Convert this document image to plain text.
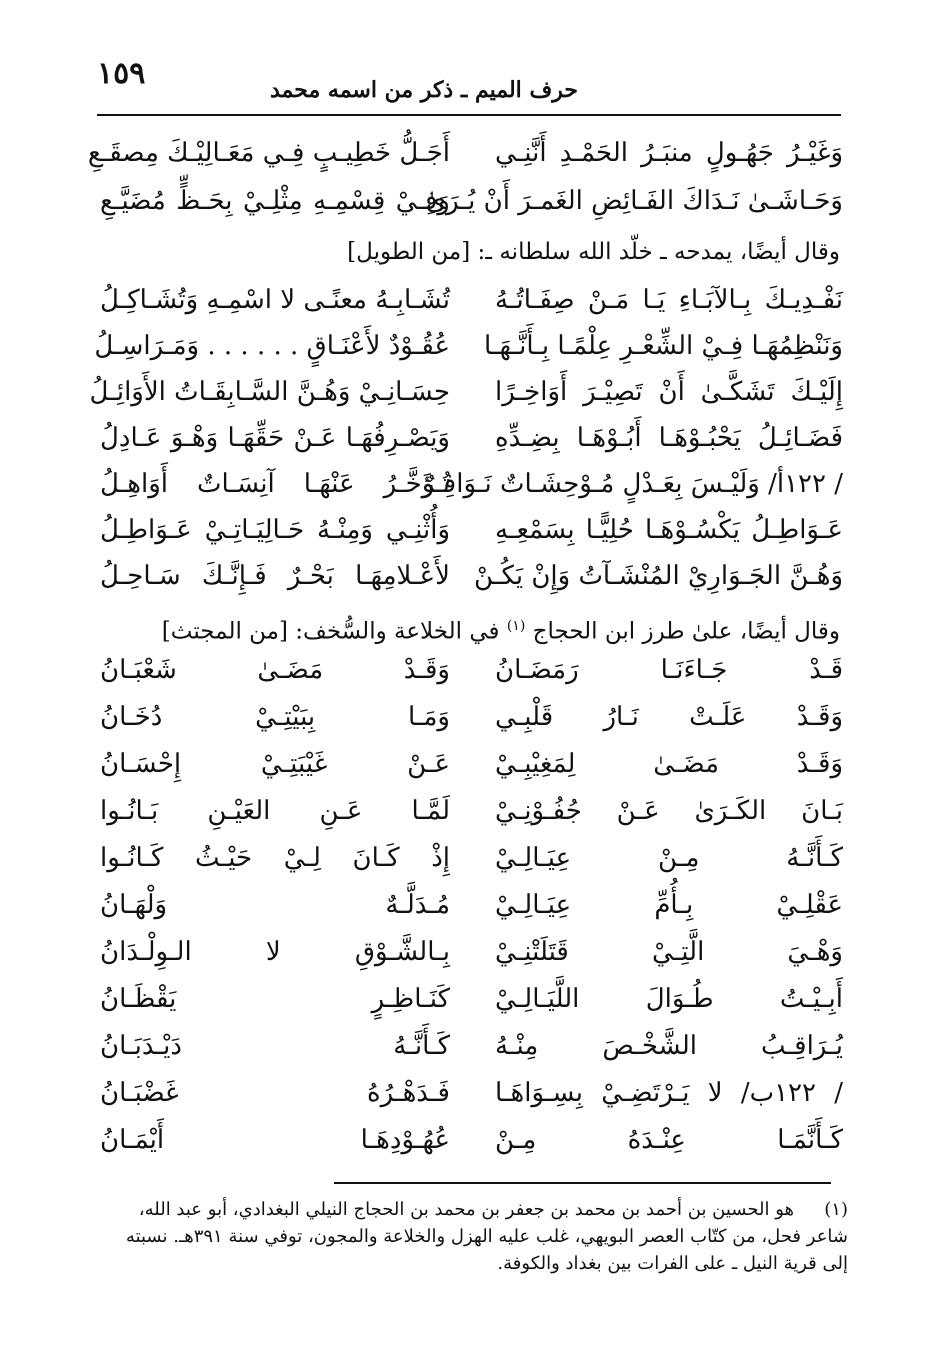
١٥٩	حرف الميم ـ ذكر من اسمه محمد
وَغَيْـرُ جَهُـولٍ منبَـرُ الحَمْـدِ أَنَّنِـي
أَجَـلُّ خَطِيـبٍ فِـي مَعَـالِيْـكَ مِصقَـعِ
وَحَـاشَـىٰ نَـدَاكَ الفَـائِضِ الغَمـرَ أَنْ يُـرَىٰ
وَفِـيْ قِسْمِـهِ مِثْلِـيْ بِحَـظٍّ مُضَيَّـعِ
وقال أيضًا، يمدحه ـ خلّد الله سلطانه ـ: [من الطويل]
نَفْـدِيـكَ بِـالآبَـاءِ يَـا مَـنْ صِفَـاتُـهُ
تُشَـابِـهُ معنًـى لا اسْمِـهِ وَتُشَـاكِـلُ
وَنَنْظِمُهَـا فِـيْ الشِّعْـرِ عِلْمًـا بِـأَنَّـهَـا
عُقُـوْدٌ لأَعْنَـاقٍ . . . . . . وَمَـرَاسِـلُ
إِلَيْـكَ تَشَكَّـىٰ أَنْ تَصِيْـرَ أَوَاخِـرًا
حِسَـانِـيْ وَهُـنَّ السَّـابِقَـاتُ الأَوَائِـلُ
فَضَـائِـلُ يَحْبُـوْهَـا أَبُـوْهَـا بِضِـدِّهِ
وَيَصْـرِفُهَـا عَـنْ حَقِّهَـا وَهْـوَ عَـادِلُ
/ ١٢٢أ/ وَلَيْـسَ بِعَـدْلٍ مُـوْحِشَـاتٌ نَـوَافِـرٌ
تُـؤَخَّـرُ عَنْهَـا آنِسَـاتٌ أَوَاهِـلُ
عَـوَاطِـلُ يَكْسُـوْهَـا حُلِيًّـا بِسَمْعِـهِ
وَأُثْنِـي وَمِنْـهُ حَـالِيَـاتِـيْ عَـوَاطِـلُ
وَهُـنَّ الجَـوَارِيْ المُنْشَـآتُ وَإِنْ يَكُـنْ
لأَعْـلامِهَـا بَحْـرٌ فَـإِنَّـكَ سَـاحِـلُ
وقال أيضًا، علىٰ طرز ابن الحجاج $^{(١)}$ في الخلاعة والسُّخف: [من المجتث]
قَـدْ جَـاءَنَـا رَمَضَـانُ
وَقَـدْ مَضَـىٰ شَعْبَـانُ
وَقَـدْ عَلَـتْ نَـارُ قَلْبِـي
وَمَـا بِبَيْتِـيْ دُخَـانُ
وَقَـدْ مَضَـىٰ لِمَغِيْبِـيْ
عَـنْ غَيْبَتِـيْ إِحْسَـانُ
بَـانَ الكَـرَىٰ عَـنْ جُفُـوْنِـيْ
لَمَّـا عَـنِ العَيْـنِ بَـانُـوا
كَـأَنَّـهُ مِـنْ عِيَـالِـيْ
إِذْ كَـانَ لِـيْ حَيْـثُ كَـانُـوا
عَقْلِـيْ بِـأُمِّ عِيَـالِـيْ
مُـدَلَّـهٌ وَلْهَـانُ
وَهْـيَ الَّتِـيْ قَتَلَتْنِـيْ
بِـالشَّـوْقِ لا الـوِلْـدَانُ
أَبِـيْـتُ طُـوَالَ اللَّيَـالِـيْ
كَنَـاظِـرٍ يَقْظَـانُ
يُـرَاقِـبُ الشَّخْـصَ مِنْـهُ
كَـأَنَّـهُ دَيْـدَبَـانُ
/ ١٢٢ب/ لا يَـرْتَضِـيْ بِسِـوَاهَـا
فَـدَهْـرُهُ غَضْبَـانُ
كَـأَنَّمَـا عِنْـدَهُ مِـنْ
عُهُـوْدِهَـا أَيْمَـانُ

(١)هو الحسين بن أحمد بن محمد بن جعفر بن محمد بن الحجاج النيلي البغدادي، أبو عبد الله، شاعر فحل، من كتّاب العصر البويهي، غلب عليه الهزل والخلاعة والمجون، توفي سنة ٣٩١هـ. نسبته إلى قرية النيل ـ على الفرات بين بغداد والكوفة.
